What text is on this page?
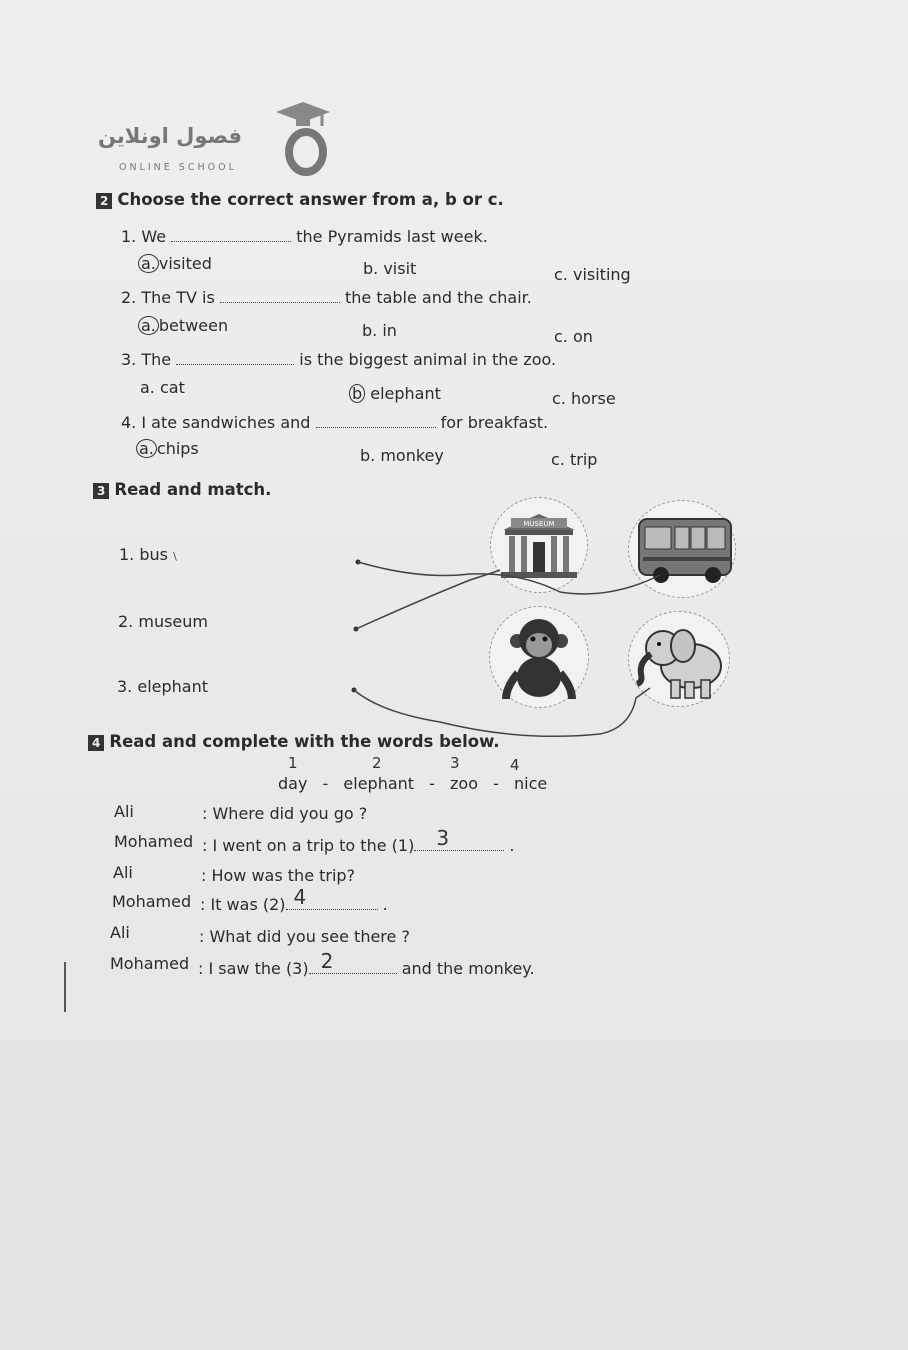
فصول اونلاين
ONLINE SCHOOL
2 Choose the correct answer from a, b or c.
1. We	the Pyramids last week.
a. visited	b. visit	c. visiting
2. The TV is	the table and the chair.
a. between	b. in	c. on
3. The	is the biggest animal in the zoo.
a. cat	b elephant	c. horse
4. I ate sandwiches and	for breakfast.
a. chips	b. monkey	c. trip
3 Read and match.
1. bus \
2. museum
3. elephant
MUSEUM
4 Read and complete with the words below.
day - elephant - zoo - nice
1	2	3	4
Ali	: Where did you go ?
Mohamed : I went on a trip to the (1) 3	.
Ali	: How was the trip?
Mohamed : It was (2) 4	.
Ali	: What did you see there ?
Mohamed : I saw the (3) 2	and the monkey.
